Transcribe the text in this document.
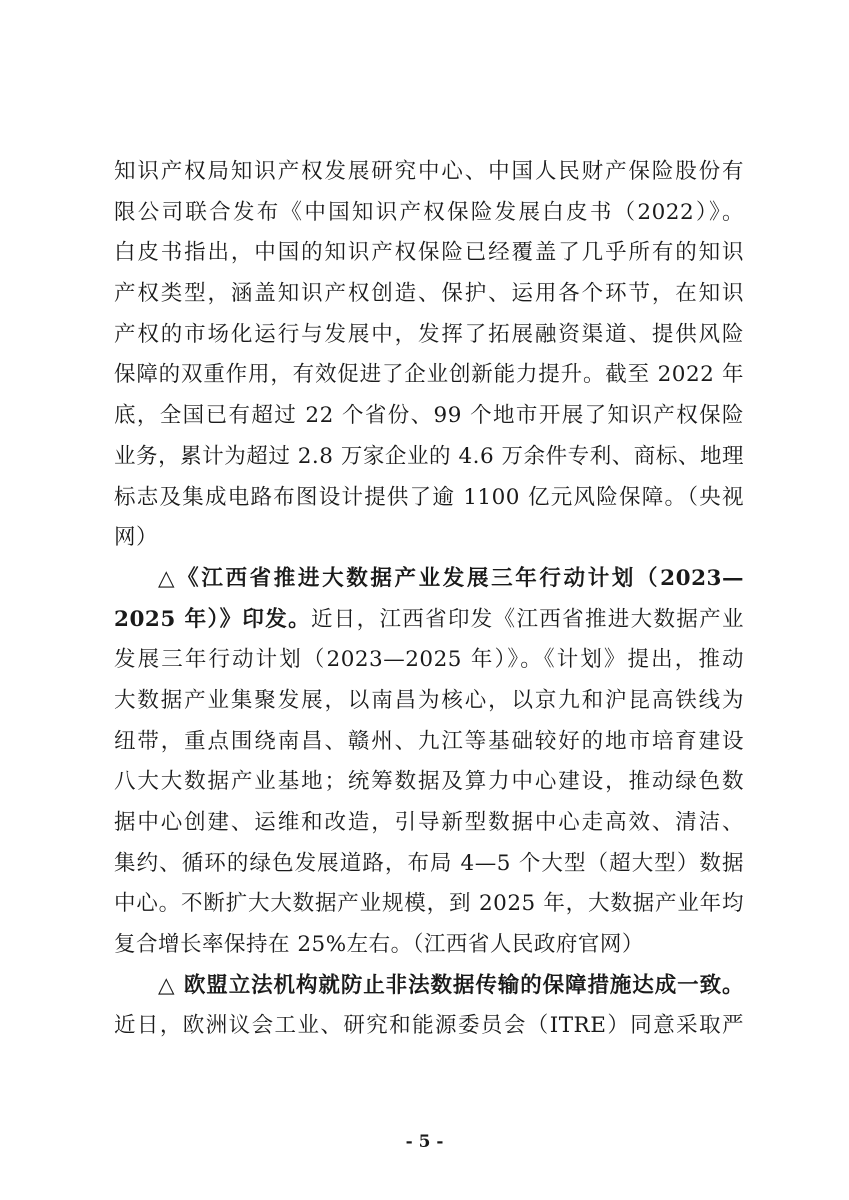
知识产权局知识产权发展研究中心、中国人民财产保险股份有
限公司联合发布《中国知识产权保险发展白皮书（2022）》。
白皮书指出，中国的知识产权保险已经覆盖了几乎所有的知识
产权类型，涵盖知识产权创造、保护、运用各个环节，在知识
产权的市场化运行与发展中，发挥了拓展融资渠道、提供风险
保障的双重作用，有效促进了企业创新能力提升。截至 2022 年
底，全国已有超过 22 个省份、99 个地市开展了知识产权保险
业务，累计为超过 2.8 万家企业的 4.6 万余件专利、商标、地理
标志及集成电路布图设计提供了逾 1100 亿元风险保障。（央视
网）
△《江西省推进大数据产业发展三年行动计划（2023—
2025 年）》印发。近日，江西省印发《江西省推进大数据产业
发展三年行动计划（2023—2025 年）》。《计划》提出，推动
大数据产业集聚发展，以南昌为核心，以京九和沪昆高铁线为
纽带，重点围绕南昌、赣州、九江等基础较好的地市培育建设
八大大数据产业基地；统筹数据及算力中心建设，推动绿色数
据中心创建、运维和改造，引导新型数据中心走高效、清洁、
集约、循环的绿色发展道路，布局 4—5 个大型（超大型）数据
中心。不断扩大大数据产业规模，到 2025 年，大数据产业年均
复合增长率保持在 25%左右。（江西省人民政府官网）
△ 欧盟立法机构就防止非法数据传输的保障措施达成一致。
近日，欧洲议会工业、研究和能源委员会（ITRE）同意采取严
- 5 -
